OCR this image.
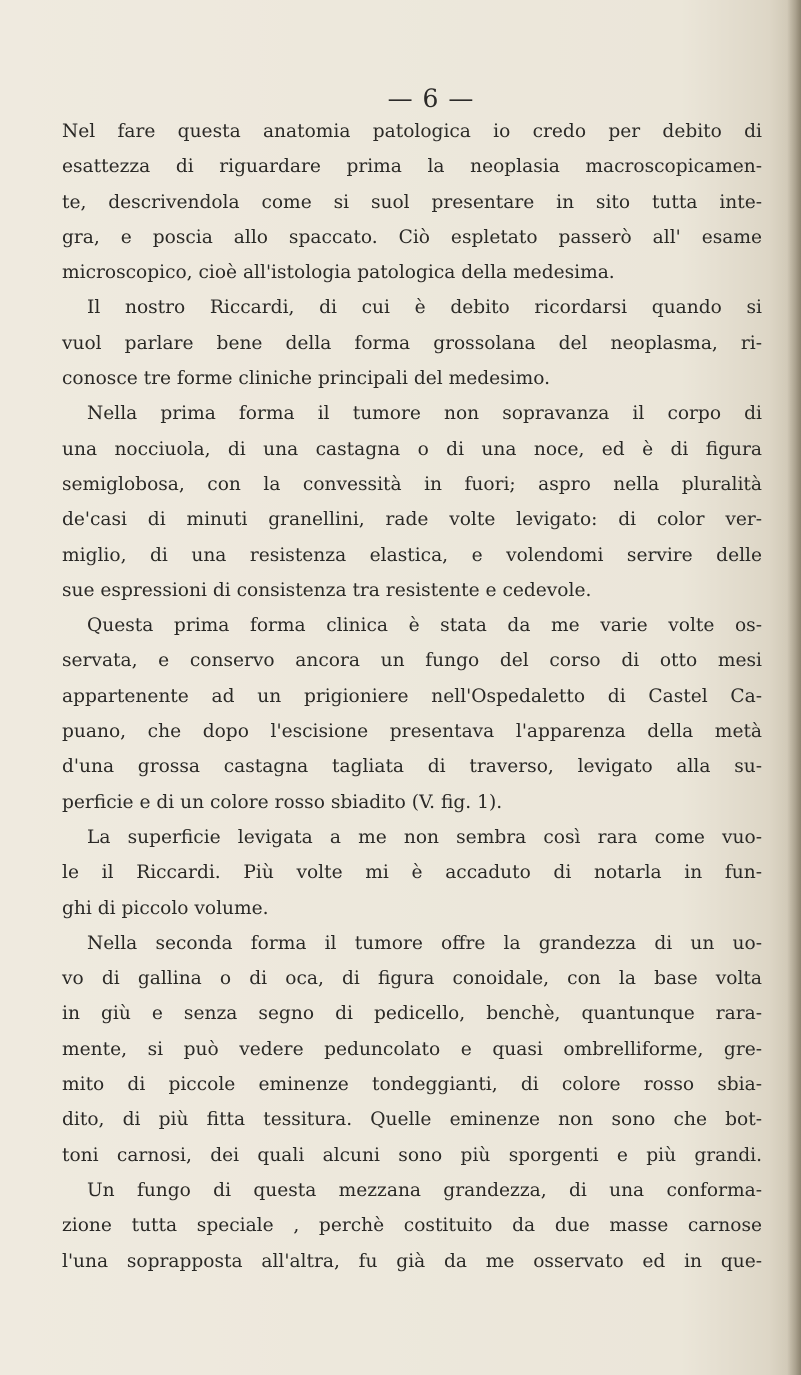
— 6 —
Nel fare questa anatomia patologica io credo per debito di
esattezza di riguardare prima la neoplasia macroscopicamen-
te, descrivendola come si suol presentare in sito tutta inte-
gra, e poscia allo spaccato. Ciò espletato passerò all' esame
microscopico, cioè all'istologia patologica della medesima.
Il nostro Riccardi, di cui è debito ricordarsi quando si
vuol parlare bene della forma grossolana del neoplasma, ri-
conosce tre forme cliniche principali del medesimo.
Nella prima forma il tumore non sopravanza il corpo di
una nocciuola, di una castagna o di una noce, ed è di figura
semiglobosa, con la convessità in fuori; aspro nella pluralità
de'casi di minuti granellini, rade volte levigato: di color ver-
miglio, di una resistenza elastica, e volendomi servire delle
sue espressioni di consistenza tra resistente e cedevole.
Questa prima forma clinica è stata da me varie volte os-
servata, e conservo ancora un fungo del corso di otto mesi
appartenente ad un prigioniere nell'Ospedaletto di Castel Ca-
puano, che dopo l'escisione presentava l'apparenza della metà
d'una grossa castagna tagliata di traverso, levigato alla su-
perficie e di un colore rosso sbiadito (V. fig. 1).
La superficie levigata a me non sembra così rara come vuo-
le il Riccardi. Più volte mi è accaduto di notarla in fun-
ghi di piccolo volume.
Nella seconda forma il tumore offre la grandezza di un uo-
vo di gallina o di oca, di figura conoidale, con la base volta
in giù e senza segno di pedicello, benchè, quantunque rara-
mente, si può vedere peduncolato e quasi ombrelliforme, gre-
mito di piccole eminenze tondeggianti, di colore rosso sbia-
dito, di più fitta tessitura. Quelle eminenze non sono che bot-
toni carnosi, dei quali alcuni sono più sporgenti e più grandi.
Un fungo di questa mezzana grandezza, di una conforma-
zione tutta speciale , perchè costituito da due masse carnose
l'una soprapposta all'altra, fu già da me osservato ed in que-
